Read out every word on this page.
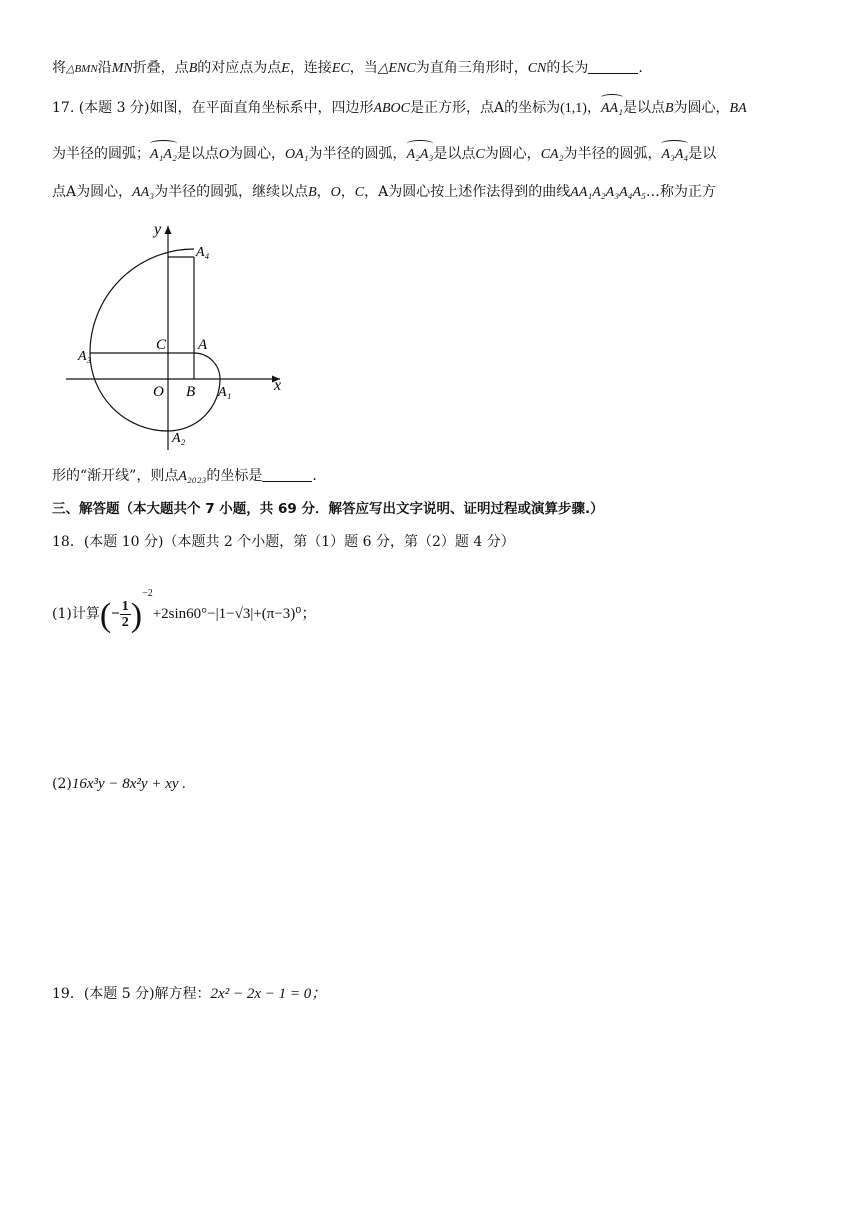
将△BMN沿MN折叠，点B的对应点为点E，连接EC，当△ENC为直角三角形时，CN的长为	.
17. (本题 3 分)如图，在平面直角坐标系中，四边形ABOC是正方形，点A的坐标为(1,1)，AA₁是以点B为圆心，BA
为半径的圆弧；A₁A₂是以点O为圆心，OA₁为半径的圆弧，A₂A₃是以点C为圆心，CA₂为半径的圆弧，A₃A₄是以
点A为圆心，AA₃为半径的圆弧，继续以点B，O，C，A为圆心按上述作法得到的曲线AA₁A₂A₃A₄A₅…称为正方
y
x
A₄
C A
A₃
O B A₁
A₂
形的“渐开线”，则点A₂₀₂₃的坐标是	.
三、解答题（本大题共个 7 小题，共 69 分．解答应写出文字说明、证明过程或演算步骤.）
18．(本题 10 分)（本题共 2 个小题，第（1）题 6 分，第（2）题 4 分）
(1)计算(− $\frac{1}{2} )^{-2}+2\sin 60^\circ-|1-√3|+(\pi-3)^0$；
(2)16x³y − 8x²y + xy .
19．(本题 5 分)解方程：2x² − 2x − 1 = 0；
